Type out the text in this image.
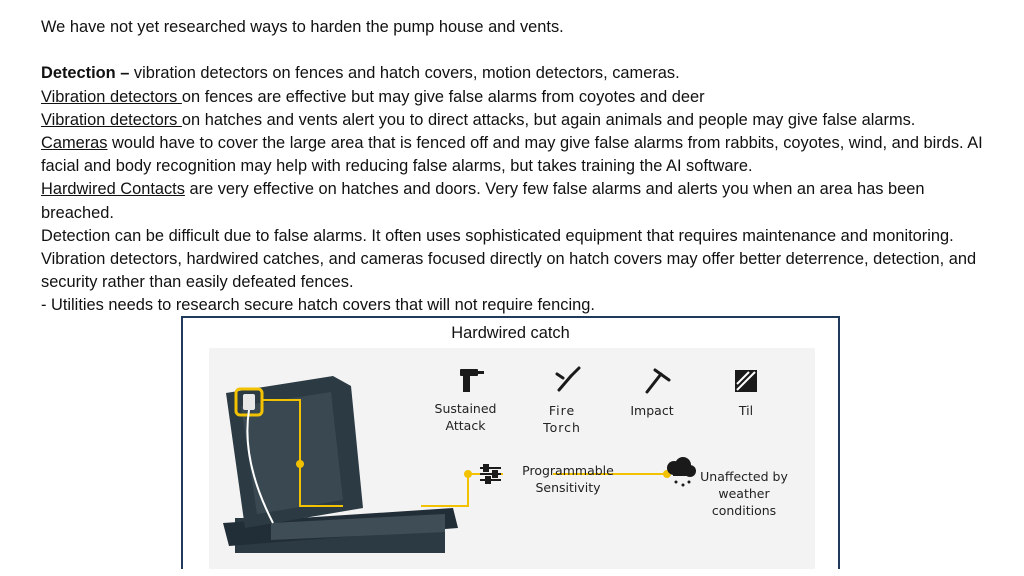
We have not yet researched ways to harden the pump house and vents.

Detection – vibration detectors on fences and hatch covers, motion detectors, cameras.

Vibration detectors on fences are effective but may give false alarms from coyotes and deer

Vibration detectors on hatches and vents alert you to direct attacks, but again animals and people may give false alarms.

Cameras would have to cover the large area that is fenced off and may give false alarms from rabbits, coyotes, wind, and birds. AI facial and body recognition may help with reducing false alarms, but takes training the AI software.

Hardwired Contacts are very effective on hatches and doors. Very few false alarms and alerts you when an area has been breached.

Detection can be difficult due to false alarms. It often uses sophisticated equipment that requires maintenance and monitoring. Vibration detectors, hardwired catches, and cameras focused directly on hatch covers may offer better deterrence, detection, and security rather than easily defeated fences.

- Utilities needs to research secure hatch covers that will not require fencing.

Hardwired catch
Sustained
Attack
Fire
Torch
Impact	Til
Programmable
Sensitivity
Unaffected by
weather
conditions
